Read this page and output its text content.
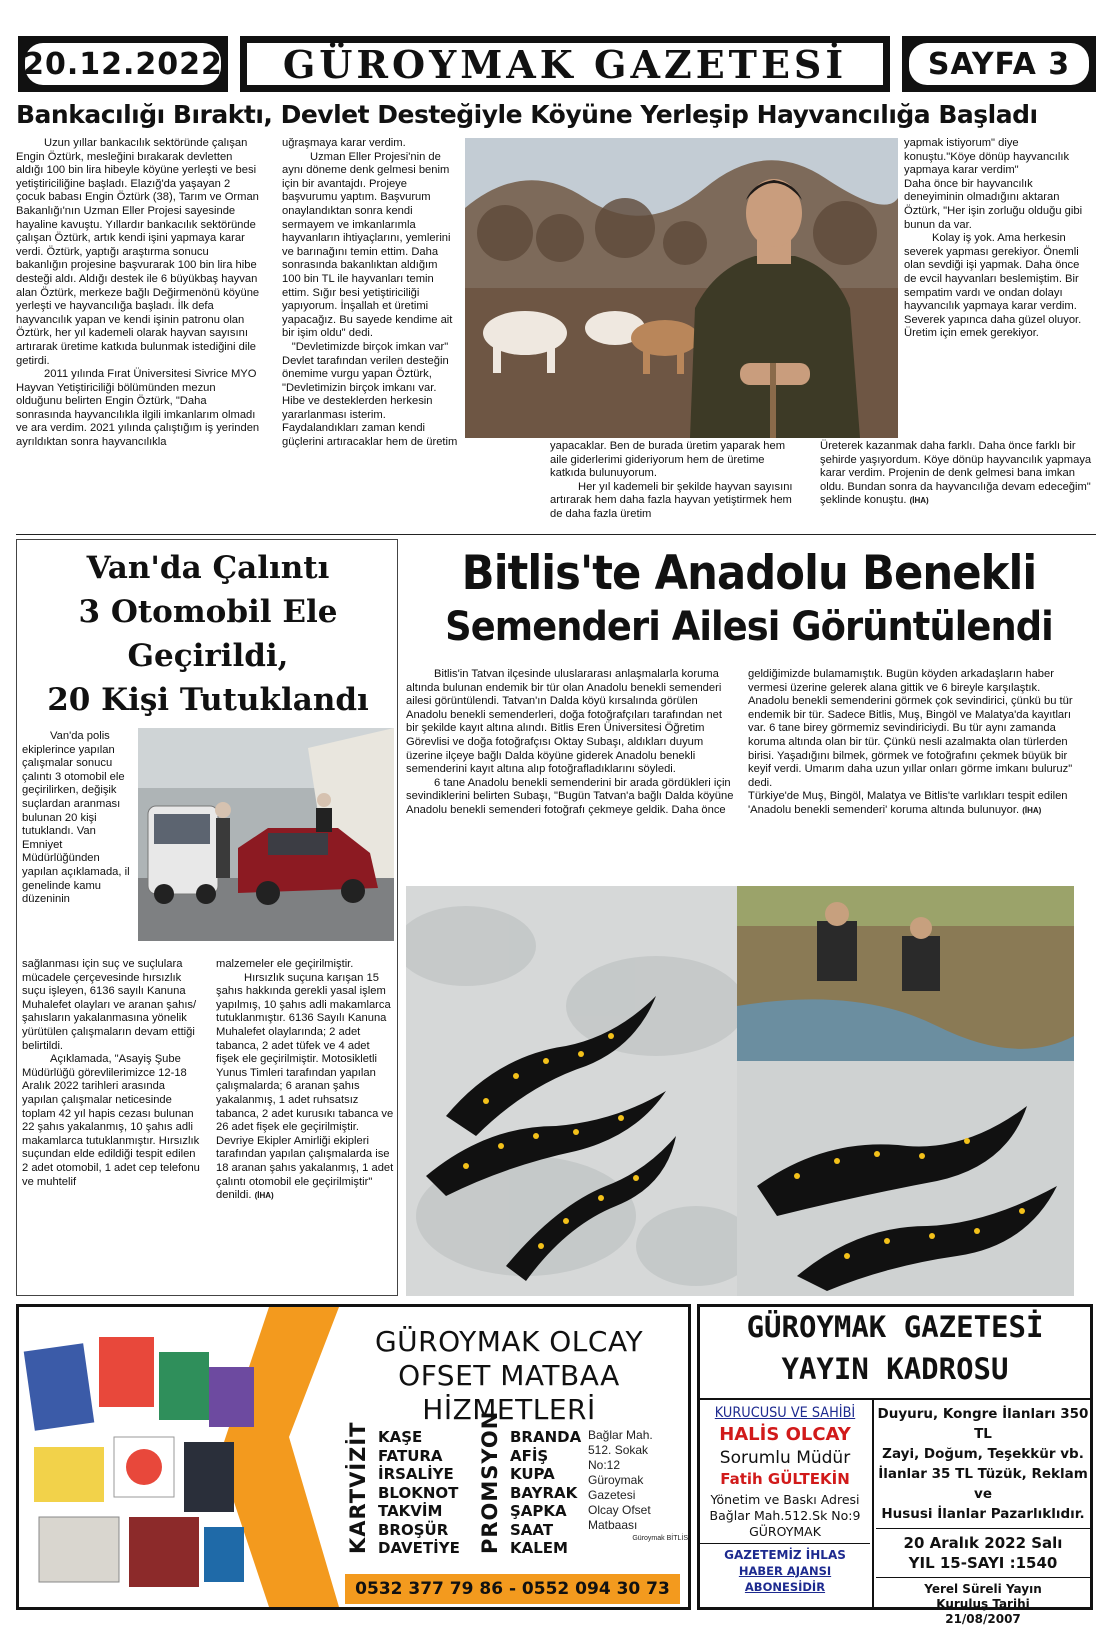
20.12.2022	GÜROYMAK GAZETESİ	SAYFA 3
Bankacılığı Bıraktı, Devlet Desteğiyle Köyüne Yerleşip Hayvancılığa Başladı

Uzun yıllar bankacılık sektöründe çalışan Engin Öztürk, mesleğini bırakarak devletten aldığı 100 bin lira hibeyle köyüne yerleşti ve besi yetiştiriciliğine başladı. Elazığ'da yaşayan 2 çocuk babası Engin Öztürk (38), Tarım ve Orman Bakanlığı'nın Uzman Eller Projesi sayesinde hayaline kavuştu. Yıllardır bankacılık sektöründe çalışan Öztürk, artık kendi işini yapmaya karar verdi. Öztürk, yaptığı araştırma sonucu bakanlığın projesine başvurarak 100 bin lira hibe desteği aldı. Aldığı destek ile 6 büyükbaş hayvan alan Öztürk, merkeze bağlı Değirmenönü köyüne yerleşti ve hayvancılığa başladı. İlk defa hayvancılık yapan ve kendi işinin patronu olan Öztürk, her yıl kademeli olarak hayvan sayısını artırarak üretime katkıda bulunmak istediğini dile getirdi.

2011 yılında Fırat Üniversitesi Sivrice MYO Hayvan Yetiştiriciliği bölümünden mezun olduğunu belirten Engin Öztürk, "Daha sonrasında hayvancılıkla ilgili imkanlarım olmadı ve ara verdim. 2021 yılında çalıştığım iş yerinden ayrıldıktan sonra hayvancılıkla

uğraşmaya karar verdim.

Uzman Eller Projesi'nin de aynı döneme denk gelmesi benim için bir avantajdı. Projeye başvurumu yaptım. Başvurum onaylandıktan sonra kendi sermayem ve imkanlarımla hayvanların ihtiyaçlarını, yemlerini ve barınağını temin ettim. Daha sonrasında bakanlıktan aldığım 100 bin TL ile hayvanları temin ettim. Sığır besi yetiştiriciliği yapıyorum. İnşallah et üretimi yapacağız. Bu sayede kendime ait bir işim oldu" dedi.

"Devletimizde birçok imkan var"

Devlet tarafından verilen desteğin önemime vurgu yapan Öztürk, "Devletimizin birçok imkanı var. Hibe ve desteklerden herkesin yararlanması isterim. Faydalandıkları zaman kendi güçlerini artıracaklar hem de üretim

yapmak istiyorum" diye konuştu."Köye dönüp hayvancılık yapmaya karar verdim"

Daha önce bir hayvancılık deneyiminin olmadığını aktaran Öztürk, "Her işin zorluğu olduğu gibi bunun da var.

Kolay iş yok. Ama herkesin severek yapması gerekiyor. Önemli olan sevdiği işi yapmak. Daha önce de evcil hayvanları beslemiştim. Bir sempatim vardı ve ondan dolayı hayvancılık yapmaya karar verdim. Severek yapınca daha güzel oluyor. Üretim için emek gerekiyor.

yapacaklar. Ben de burada üretim yaparak hem aile giderlerimi gideriyorum hem de üretime katkıda bulunuyorum.

Her yıl kademeli bir şekilde hayvan sayısını artırarak hem daha fazla hayvan yetiştirmek hem de daha fazla üretim

Üreterek kazanmak daha farklı. Daha önce farklı bir şehirde yaşıyordum. Köye dönüp hayvancılık yapmaya karar verdim. Projenin de denk gelmesi bana imkan oldu. Bundan sonra da hayvancılığa devam edeceğim" şeklinde konuştu. (İHA)

Van'da Çalıntı
3 Otomobil Ele
Geçirildi,
20 Kişi Tutuklandı

Van'da polis ekiplerince yapılan çalışmalar sonucu çalıntı 3 otomobil ele geçirilirken, değişik suçlardan aranması bulunan 20 kişi tutuklandı. Van Emniyet Müdürlüğünden yapılan açıklamada, il genelinde kamu düzeninin

sağlanması için suç ve suçlulara mücadele çerçevesinde hırsızlık suçu işleyen, 6136 sayılı Kanuna Muhalefet olayları ve aranan şahıs/şahısların yakalanmasına yönelik yürütülen çalışmaların devam ettiği belirtildi.

Açıklamada, "Asayiş Şube Müdürlüğü görevlilerimizce 12-18 Aralık 2022 tarihleri arasında yapılan çalışmalar neticesinde toplam 42 yıl hapis cezası bulunan 22 şahıs yakalanmış, 10 şahıs adli makamlarca tutuklanmıştır. Hırsızlık suçundan elde edildiği tespit edilen 2 adet otomobil, 1 adet cep telefonu ve muhtelif

malzemeler ele geçirilmiştir.

Hırsızlık suçuna karışan 15 şahıs hakkında gerekli yasal işlem yapılmış, 10 şahıs adli makamlarca tutuklanmıştır. 6136 Sayılı Kanuna Muhalefet olaylarında; 2 adet tabanca, 2 adet tüfek ve 4 adet fişek ele geçirilmiştir. Motosikletli Yunus Timleri tarafından yapılan çalışmalarda; 6 aranan şahıs yakalanmış, 1 adet ruhsatsız tabanca, 2 adet kurusıkı tabanca ve 26 adet fişek ele geçirilmiştir. Devriye Ekipler Amirliği ekipleri tarafından yapılan çalışmalarda ise 18 aranan şahıs yakalanmış, 1 adet çalıntı otomobil ele geçirilmiştir" denildi. (İHA)

Bitlis'te Anadolu Benekli
Semenderi Ailesi Görüntülendi

Bitlis'in Tatvan ilçesinde uluslararası anlaşmalarla koruma altında bulunan endemik bir tür olan Anadolu benekli semenderi ailesi görüntülendi. Tatvan'ın Dalda köyü kırsalında görülen Anadolu benekli semenderleri, doğa fotoğrafçıları tarafından net bir şekilde kayıt altına alındı. Bitlis Eren Üniversitesi Öğretim Görevlisi ve doğa fotoğrafçısı Oktay Subaşı, aldıkları duyum üzerine ilçeye bağlı Dalda köyüne giderek Anadolu benekli semenderini kayıt altına alıp fotoğrafladıklarını söyledi.

6 tane Anadolu benekli semenderini bir arada gördükleri için sevindiklerini belirten Subaşı, "Bugün Tatvan'a bağlı Dalda köyüne Anadolu benekli semenderi fotoğrafı çekmeye geldik. Daha önce

geldiğimizde bulamamıştık. Bugün köyden arkadaşların haber vermesi üzerine gelerek alana gittik ve 6 bireyle karşılaştık. Anadolu benekli semenderini görmek çok sevindirici, çünkü bu tür endemik bir tür. Sadece Bitlis, Muş, Bingöl ve Malatya'da kayıtları var. 6 tane birey görmemiz sevindiriciydi. Bu tür aynı zamanda koruma altında olan bir tür. Çünkü nesli azalmakta olan türlerden birisi. Yaşadığını bilmek, görmek ve fotoğrafını çekmek büyük bir keyif verdi. Umarım daha uzun yıllar onları görme imkanı buluruz" dedi.

Türkiye'de Muş, Bingöl, Malatya ve Bitlis'te varlıkları tespit edilen 'Anadolu benekli semenderi' koruma altında bulunuyor. (İHA)

GÜROYMAK OLCAY
OFSET MATBAA
HİZMETLERİ
KARTVİZİT KAŞE
FATURA
İRSALİYE
BLOKNOT
TAKVİM
BROŞÜR
DAVETİYE PROMSYON BRANDA
AFİŞ
KUPA
BAYRAK
ŞAPKA
SAAT
KALEM
Bağlar Mah.
512. Sokak
No:12
Güroymak
Gazetesi
Olcay Ofset
Matbaası
Güroymak BİTLİS
0532 377 79 86 - 0552 094 30 73
GÜROYMAK GAZETESİ
YAYIN KADROSU
KURUCUSU VE SAHİBİ
HALİS OLCAY
Sorumlu Müdür
Fatih GÜLTEKİN
Yönetim ve Baskı Adresi
Bağlar Mah.512.Sk No:9
GÜROYMAK
GAZETEMİZ İHLAS
HABER AJANSI ABONESİDİR
Duyuru, Kongre İlanları 350 TL
Zayi, Doğum, Teşekkür vb.
İlanlar 35 TL Tüzük, Reklam ve
Hususi İlanlar Pazarlıklıdır.
20 Aralık 2022 Salı
YIL 15-SAYI :1540
Yerel Süreli Yayın
Kuruluş Tarihi
21/08/2007
